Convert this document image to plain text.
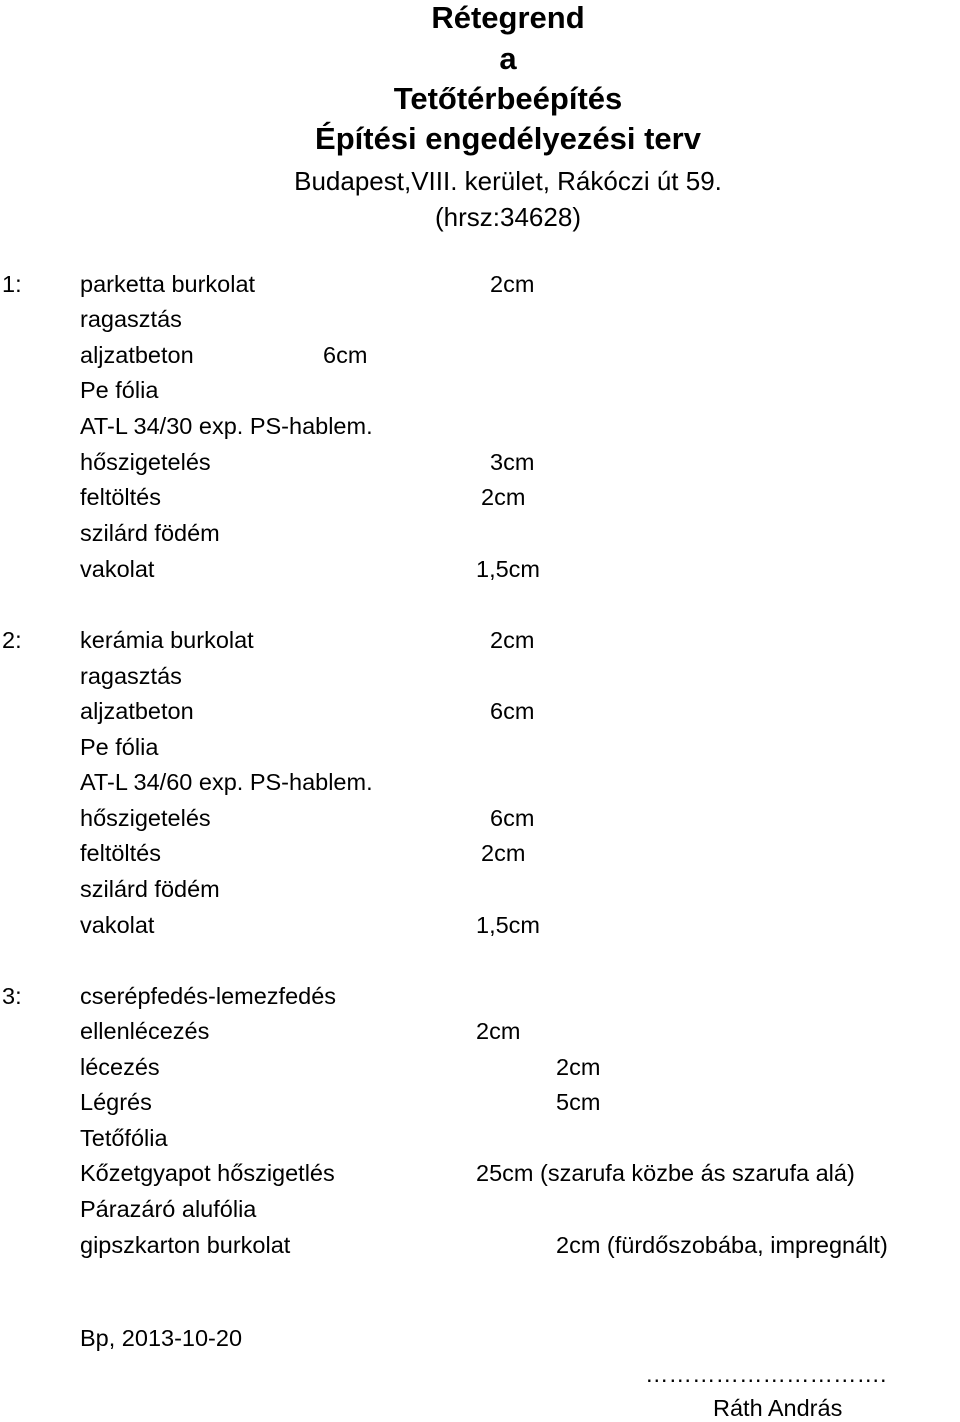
Rétegrend
a
Tetőtérbeépítés
Építési engedélyezési terv
Budapest,VIII. kerület, Rákóczi út 59.
(hrsz:34628)
1: parketta burkolat	2cm
ragasztás
aljzatbeton	6cm
Pe fólia
AT-L 34/30 exp. PS-hablem.
hőszigetelés	3cm
feltöltés	2cm
szilárd födém
vakolat	1,5cm
2: kerámia burkolat	2cm
ragasztás
aljzatbeton	6cm
Pe fólia
AT-L 34/60 exp. PS-hablem.
hőszigetelés	6cm
feltöltés	2cm
szilárd födém
vakolat	1,5cm
3: cserépfedés-lemezfedés
ellenlécezés	2cm
lécezés	2cm
Légrés	5cm
Tetőfólia
Kőzetgyapot hőszigetlés	25cm (szarufa közbe ás szarufa alá)
Párazáró alufólia
gipszkarton burkolat	2cm (fürdőszobába, impregnált)
Bp, 2013-10-20
………………………….
Ráth András
